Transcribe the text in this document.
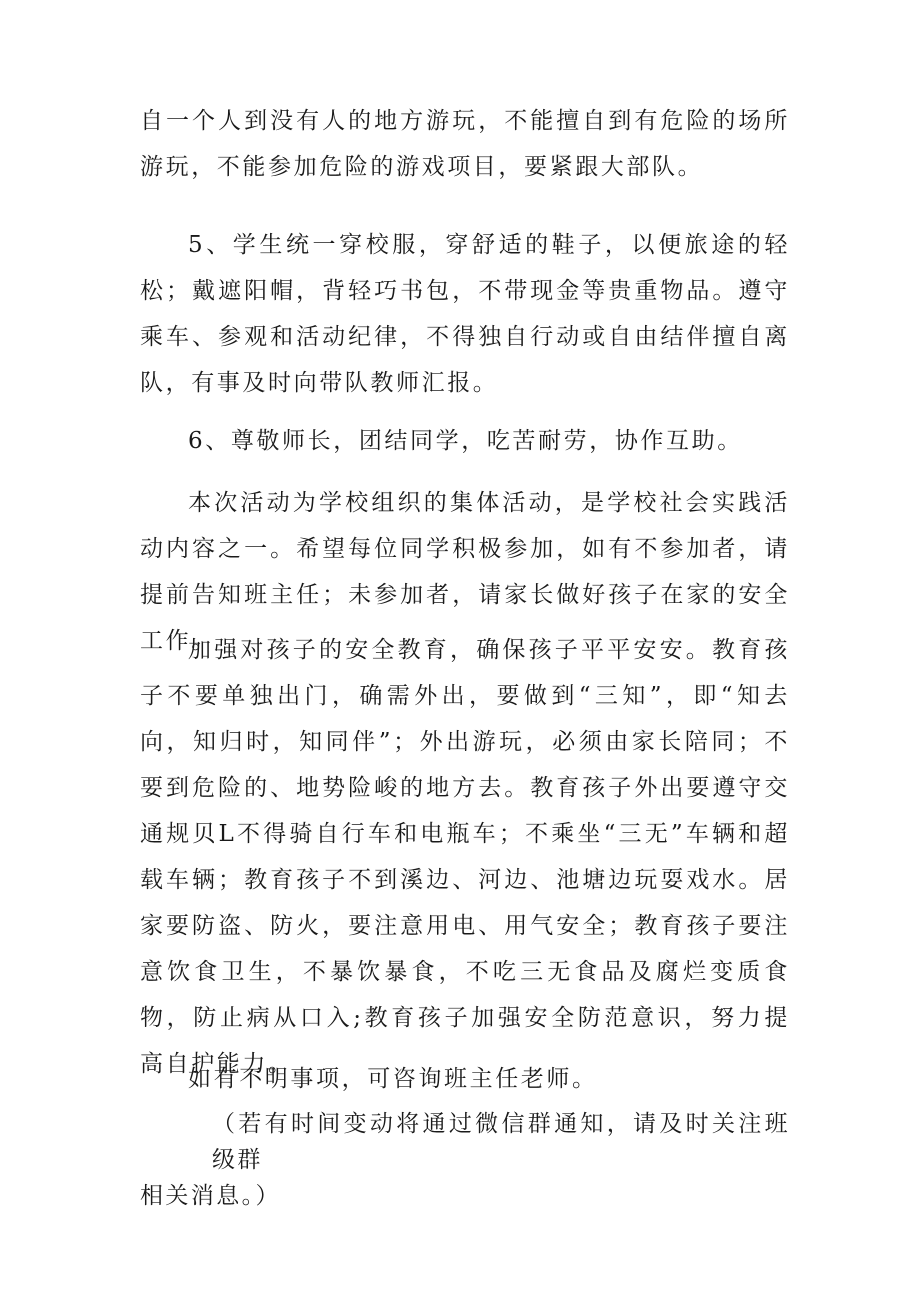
自一个人到没有人的地方游玩，不能擅自到有危险的场所游玩，不能参加危险的游戏项目，要紧跟大部队。

5、学生统一穿校服，穿舒适的鞋子，以便旅途的轻松；戴遮阳帽，背轻巧书包，不带现金等贵重物品。遵守乘车、参观和活动纪律，不得独自行动或自由结伴擅自离队，有事及时向带队教师汇报。

6、尊敬师长，团结同学，吃苦耐劳，协作互助。

本次活动为学校组织的集体活动，是学校社会实践活动内容之一。希望每位同学积极参加，如有不参加者，请提前告知班主任；未参加者，请家长做好孩子在家的安全工作。

加强对孩子的安全教育，确保孩子平平安安。教育孩子不要单独出门，确需外出，要做到“三知”，即“知去向，知归时，知同伴”；外出游玩，必须由家长陪同；不要到危险的、地势险峻的地方去。教育孩子外出要遵守交通规贝L不得骑自行车和电瓶车；不乘坐“三无”车辆和超载车辆；教育孩子不到溪边、河边、池塘边玩耍戏水。居家要防盗、防火，要注意用电、用气安全；教育孩子要注意饮食卫生，不暴饮暴食，不吃三无食品及腐烂变质食物，防止病从口入;教育孩子加强安全防范意识，努力提高自护能力。

如有不明事项，可咨询班主任老师。

（若有时间变动将通过微信群通知，请及时关注班级群
相关消息。）
